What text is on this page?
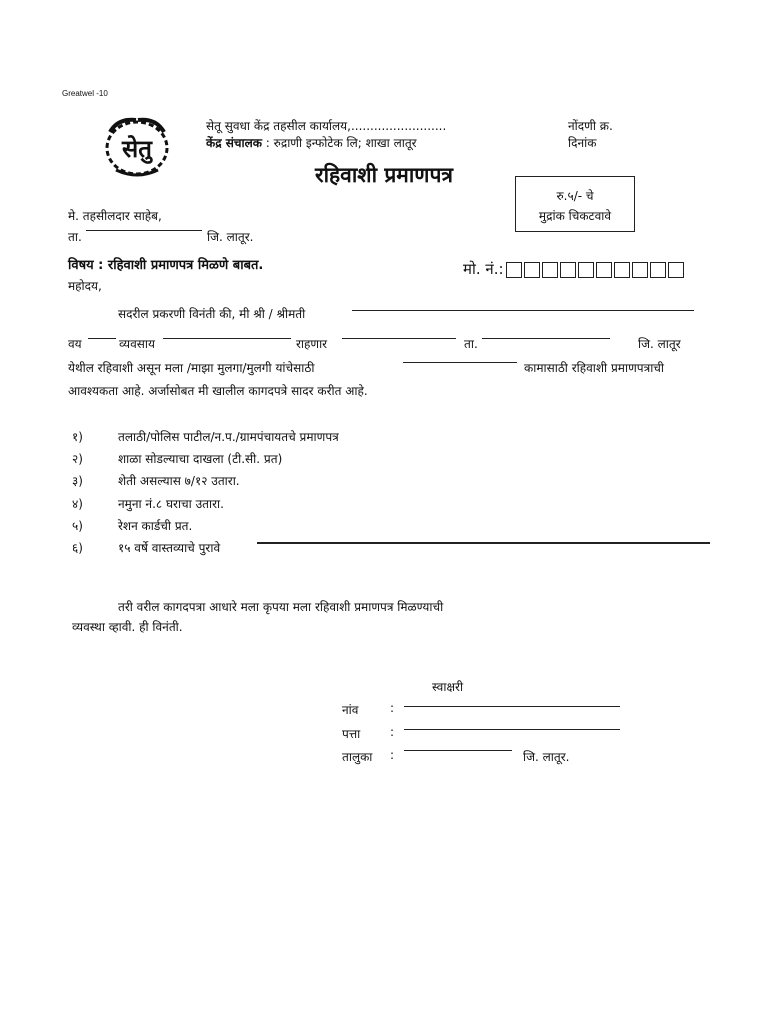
Greatwel -10
सेतु
सेतू सुवधा केंद्र तहसील कार्यालय,.........................
केंद्र संचालक : रुद्राणी इन्फोटेक लि; शाखा लातूर
नोंदणी क्र.
दिनांक
रहिवाशी प्रमाणपत्र
रु.५/- चे
मुद्रांक चिकटवावे
मे. तहसीलदार साहेब,
ता.	जि. लातूर.
विषय : रहिवाशी प्रमाणपत्र मिळणे बाबत.	मो. नं.:
महोदय,
सदरील प्रकरणी विनंती की, मी श्री / श्रीमती
वय	व्यवसाय	राहणार	ता.	जि. लातूर
येथील रहिवाशी असून मला /माझा मुलगा/मुलगी यांचेसाठी	कामासाठी रहिवाशी प्रमाणपत्राची
आवश्यकता आहे. अर्जासोबत मी खालील कागदपत्रे सादर करीत आहे.
१)	तलाठी/पोलिस पाटील/न.प./ग्रामपंचायतचे प्रमाणपत्र
२)	शाळा सोडल्याचा दाखला (टी.सी. प्रत)
३)	शेती असल्यास ७/१२ उतारा.
४)	नमुना नं.८ घराचा उतारा.
५)	रेशन कार्डची प्रत.
६)	१५ वर्षे वास्तव्याचे पुरावे
तरी वरील कागदपत्रा आधारे मला कृपया मला रहिवाशी प्रमाणपत्र मिळण्याची
व्यवस्था व्हावी. ही विनंती.
स्वाक्षरी
नांव	:
पत्ता :
तालुका :	जि. लातूर.
